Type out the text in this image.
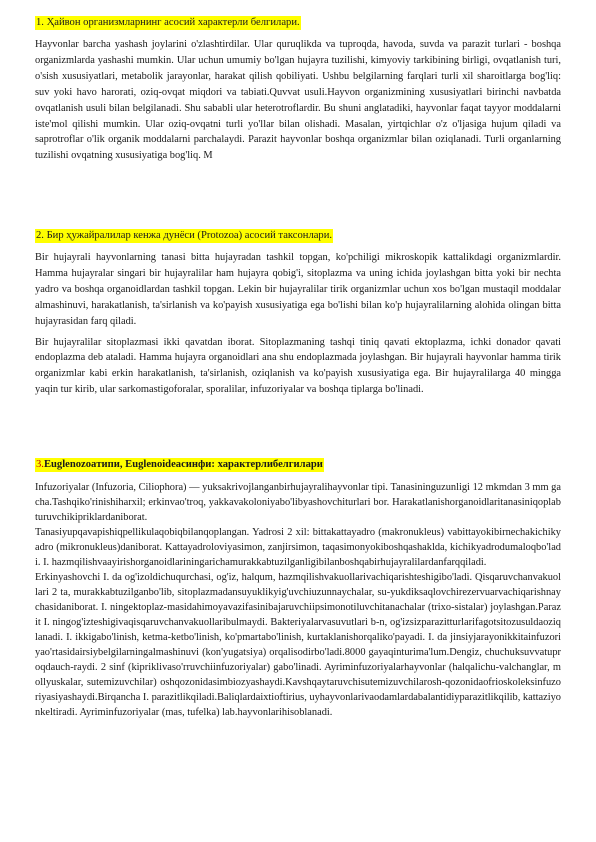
1. Ҳайвон организмларнинг асосий характерли белгилари.

Hayvonlar barcha yashash joylarini o'zlashtirdilar. Ular quruqlikda va tuproqda, havoda, suvda va parazit turlari - boshqa organizmlarda yashashi mumkin. Ular uchun umumiy bo'lgan hujayra tuzilishi, kimyoviy tarkibining birligi, ovqatlanish turi, o'sish xususiyatlari, metabolik jarayonlar, harakat qilish qobiliyati. Ushbu belgilarning farqlari turli xil sharoitlarga bog'liq: suv yoki havo harorati, oziq-ovqat miqdori va tabiati.Quvvat usuli.Hayvon organizmining xususiyatlari birinchi navbatda ovqatlanish usuli bilan belgilanadi. Shu sababli ular heterotroflardir. Bu shuni anglatadiki, hayvonlar faqat tayyor moddalarni iste'mol qilishi mumkin. Ular oziq-ovqatni turli yo'llar bilan olishadi. Masalan, yirtqichlar o'z o'ljasiga hujum qiladi va saprotroflar o'lik organik moddalarni parchalaydi. Parazit hayvonlar boshqa organizmlar bilan oziqlanadi. Turli organlarning tuzilishi ovqatning xususiyatiga bog'liq. M

2. Бир ҳужайралилар кенжа дунёси (Protozoa) асосий таксонлари.

Bir hujayrali hayvonlarning tanasi bitta hujayradan tashkil topgan, ko'pchiligi mikroskopik kattalikdagi organizmlardir. Hamma hujayralar singari bir hujayralilar ham hujayra qobig'i, sitoplazma va uning ichida joylashgan bitta yoki bir nechta yadro va boshqa organoidlardan tashkil topgan. Lekin bir hujayralilar tirik organizmlar uchun xos bo'lgan mustaqil moddalar almashinuvi, harakatlanish, ta'sirlanish va ko'payish xususiyatiga ega bo'lishi bilan ko'p hujayralilarning alohida olingan bitta hujayrasidan farq qiladi.

Bir hujayralilar sitoplazmasi ikki qavatdan iborat. Sitoplazmaning tashqi tiniq qavati ektoplazma, ichki donador qavati endoplazma deb ataladi. Hamma hujayra organoidlari ana shu endoplazmada joylashgan. Bir hujayrali hayvonlar hamma tirik organizmlar kabi erkin harakatlanish, ta'sirlanish, oziqlanish va ko'payish xususiyatiga ega. Bir hujayralilarga 40 mingga yaqin tur kirib, ular sarkomastigoforalar, sporalilar, infuzoriyalar va boshqa tiplarga bo'linadi.

3.Euglenozoaтипи, Euglenoideaсинфи: характерлибелгилари

Infuzoriyalar (Infuzoria, Ciliophora) — yuksakrivojlanganbirhujayralihayvonlar tipi. Tanasininguzunligi 12 mkmdan 3 mm gacha.Tashqiko'rinishiharxil; erkinvao'troq, yakkavakoloniyabo'libyashovchiturlari bor. Harakatlanishorganoidlaritanasiniqoplabturuvchikipriklardaniborat.

Tanasiyupqavapishiqpellikulaqobiqbilanqoplangan. Yadrosi 2 xil: bittakattayadro (makronukleus) vabittayokibirnechakichikyadro (mikronukleus)daniborat. Kattayadroloviyasimon, zanjirsimon, taqasimonyokiboshqashaklda, kichikyadrodumaloqbo'ladi. I. hazmqilishvaayirishorganoidlariningarichamurakkabtuzilganligibilanboshqabirhujayralilardanfarqqiladi.

Erkinyashovchi I. da og'izoldichuqurchasi, og'iz, halqum, hazmqilishvakuollarivachiqarishteshigibo'ladi. Qisqaruvchanvakuollari 2 ta, murakkabtuzilganbo'lib, sitoplazmadansuyuklikyig'uvchiuzunnaychalar, su-yukdiksaqlovchirezervuarvachiqarishnaychasidaniborat. I. ningektoplaz-masidahimoyavazifasinibajaruvchiipsimonotiluvchitanachalar (trixo-sistalar) joylashgan.Parazit I. ningog'izteshigivaqisqaruvchanvakuollaribulmaydi. Bakteriyalarvasuvutlari b-n, og'izsizparazitturlarifagotsitozusuldaoziqlanadi. I. ikkigabo'linish, ketma-ketbo'linish, ko'pmartabo'linish, kurtaklanishorqaliko'payadi. I. da jinsiyjarayonikkitainfuzoriyao'rtasidairsiybelgilarningalmashinuvi (kon'yugatsiya) orqalisodirbo'ladi.8000 gayaqinturima'lum.Dengiz, chuchuksuvvatuproqdauch-raydi. 2 sinf (kipriklivaso'rruvchiinfuzoriyalar) gabo'linadi. Ayriminfuzoriyalarhayvonlar (halqalichu-valchanglar, mollyuskalar, sutemizuvchilar) oshqozonidasimbiozyashaydi.Kavshqaytaruvchisutemizuvchilarosh-qozonidaofrioskoleksinfuzoriyasiyashaydi.Birqancha I. parazitlikqiladi.Baliqlardaixtioftirius, uyhayvonlarivaodamlardabalantidiyparazitlikqilib, kattaziyonkeltiradi. Ayriminfuzoriyalar (mas, tufelka) lab.hayvonlarihisoblanadi.
